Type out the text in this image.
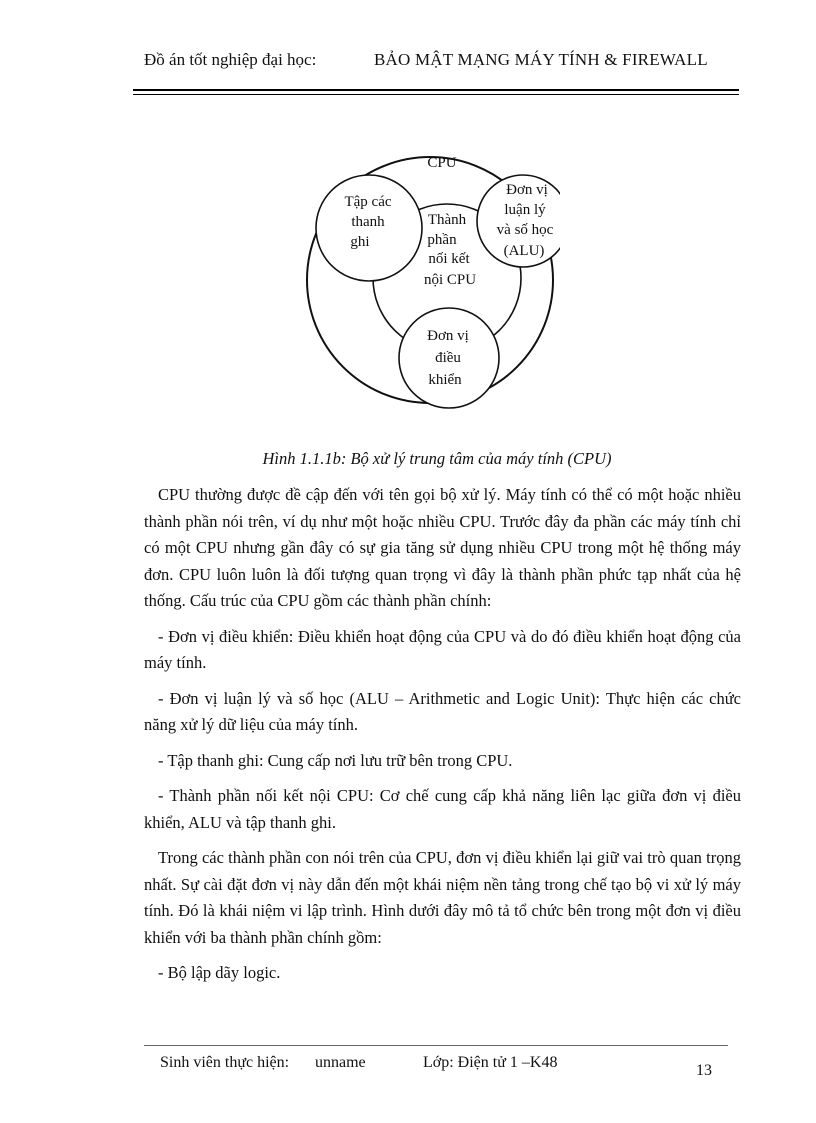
Đồ án tốt nghiệp đại học:	BẢO MẬT MẠNG MÁY TÍNH & FIREWALL
CPU
Tập các
thanh
ghi
Thành
phần
nối kết
nội CPU
Đơn vị
luận lý
và số học
(ALU)
Đơn vị
điều
khiển
Hình 1.1.1b: Bộ xử lý trung tâm của máy tính (CPU)

CPU thường được đề cập đến với tên gọi bộ xử lý. Máy tính có thể có một hoặc nhiều thành phần nói trên, ví dụ như một hoặc nhiều CPU. Trước đây đa phần các máy tính chỉ có một CPU nhưng gần đây có sự gia tăng sử dụng nhiều CPU trong một hệ thống máy đơn. CPU luôn luôn là đối tượng quan trọng vì đây là thành phần phức tạp nhất của hệ thống. Cấu trúc của CPU gồm các thành phần chính:

- Đơn vị điều khiển: Điều khiển hoạt động của CPU và do đó điều khiển hoạt động của máy tính.

- Đơn vị luận lý và số học (ALU – Arithmetic and Logic Unit): Thực hiện các chức năng xử lý dữ liệu của máy tính.

- Tập thanh ghi: Cung cấp nơi lưu trữ bên trong CPU.

- Thành phần nối kết nội CPU: Cơ chế cung cấp khả năng liên lạc giữa đơn vị điều khiển, ALU và tập thanh ghi.

Trong các thành phần con nói trên của CPU, đơn vị điều khiển lại giữ vai trò quan trọng nhất. Sự cài đặt đơn vị này dẫn đến một khái niệm nền tảng trong chế tạo bộ vi xử lý máy tính. Đó là khái niệm vi lập trình. Hình dưới đây mô tả tổ chức bên trong một đơn vị điều khiển với ba thành phần chính gồm:

- Bộ lập dãy logic.

Sinh viên thực hiện: unname	Lớp: Điện tử 1 –K48	13
